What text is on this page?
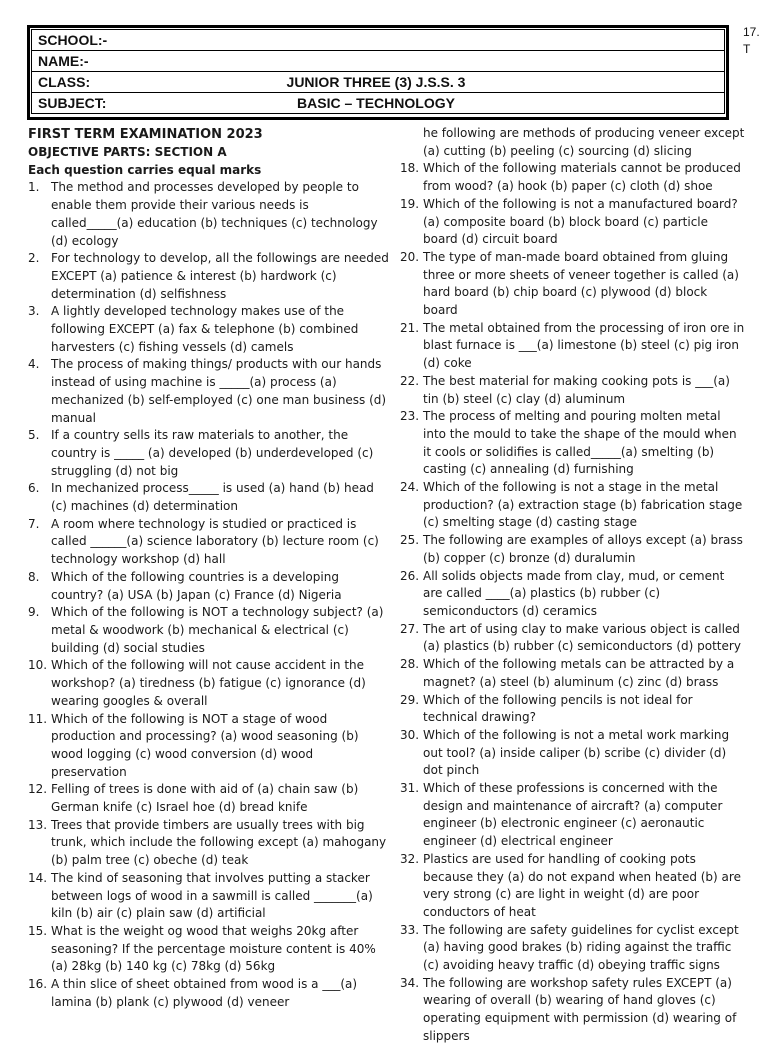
17.
T
SCHOOL:-
NAME:-
CLASS:	JUNIOR THREE (3) J.S.S. 3
SUBJECT:	BASIC – TECHNOLOGY
FIRST TERM EXAMINATION 2023
OBJECTIVE PARTS: SECTION A
Each question carries equal marks
1. The method and processes developed by people to enable them provide their various needs is called_____(a) education (b) techniques (c) technology (d) ecology
2. For technology to develop, all the followings are needed EXCEPT (a) patience & interest (b) hardwork (c) determination (d) selfishness
3. A lightly developed technology makes use of the following EXCEPT (a) fax & telephone (b) combined harvesters (c) fishing vessels (d) camels
4. The process of making things/ products with our hands instead of using machine is _____(a) process (a) mechanized (b) self-employed (c) one man business (d) manual
5. If a country sells its raw materials to another, the country is _____ (a) developed (b) underdeveloped (c) struggling (d) not big
6. In mechanized process_____ is used (a) hand (b) head (c) machines (d) determination
7. A room where technology is studied or practiced is called ______(a) science laboratory (b) lecture room (c) technology workshop (d) hall
8. Which of the following countries is a developing country? (a) USA (b) Japan (c) France (d) Nigeria
9. Which of the following is NOT a technology subject? (a) metal & woodwork (b) mechanical & electrical (c) building (d) social studies
10. Which of the following will not cause accident in the workshop? (a) tiredness (b) fatigue (c) ignorance (d) wearing googles & overall
11. Which of the following is NOT a stage of wood production and processing? (a) wood seasoning (b) wood logging (c) wood conversion (d) wood preservation
12. Felling of trees is done with aid of (a) chain saw (b) German knife (c) Israel hoe (d) bread knife
13. Trees that provide timbers are usually trees with big trunk, which include the following except (a) mahogany (b) palm tree (c) obeche (d) teak
14. The kind of seasoning that involves putting a stacker between logs of wood in a sawmill is called _______(a) kiln (b) air (c) plain saw (d) artificial
15. What is the weight og wood that weighs 20kg after seasoning? If the percentage moisture content is 40% (a) 28kg (b) 140 kg (c) 78kg (d) 56kg
16. A thin slice of sheet obtained from wood is a ___(a) lamina (b) plank (c) plywood (d) veneer
he following are methods of producing veneer except (a) cutting (b) peeling (c) sourcing (d) slicing
18. Which of the following materials cannot be produced from wood? (a) hook (b) paper (c) cloth (d) shoe
19. Which of the following is not a manufactured board? (a) composite board (b) block board (c) particle board (d) circuit board
20. The type of man-made board obtained from gluing three or more sheets of veneer together is called (a) hard board (b) chip board (c) plywood (d) block board
21. The metal obtained from the processing of iron ore in blast furnace is ___(a) limestone (b) steel (c) pig iron (d) coke
22. The best material for making cooking pots is ___(a) tin (b) steel (c) clay (d) aluminum
23. The process of melting and pouring molten metal into the mould to take the shape of the mould when it cools or solidifies is called_____(a) smelting (b) casting (c) annealing (d) furnishing
24. Which of the following is not a stage in the metal production? (a) extraction stage (b) fabrication stage (c) smelting stage (d) casting stage
25. The following are examples of alloys except (a) brass (b) copper (c) bronze (d) duralumin
26. All solids objects made from clay, mud, or cement are called ____(a) plastics (b) rubber (c) semiconductors (d) ceramics
27. The art of using clay to make various object is called (a) plastics (b) rubber (c) semiconductors (d) pottery
28. Which of the following metals can be attracted by a magnet? (a) steel (b) aluminum (c) zinc (d) brass
29. Which of the following pencils is not ideal for technical drawing?
30. Which of the following is not a metal work marking out tool? (a) inside caliper (b) scribe (c) divider (d) dot pinch
31. Which of these professions is concerned with the design and maintenance of aircraft? (a) computer engineer (b) electronic engineer (c) aeronautic engineer (d) electrical engineer
32. Plastics are used for handling of cooking pots because they (a) do not expand when heated (b) are very strong (c) are light in weight (d) are poor conductors of heat
33. The following are safety guidelines for cyclist except (a) having good brakes (b) riding against the traffic (c) avoiding heavy traffic (d) obeying traffic signs
34. The following are workshop safety rules EXCEPT (a) wearing of overall (b) wearing of hand gloves (c) operating equipment with permission (d) wearing of slippers
